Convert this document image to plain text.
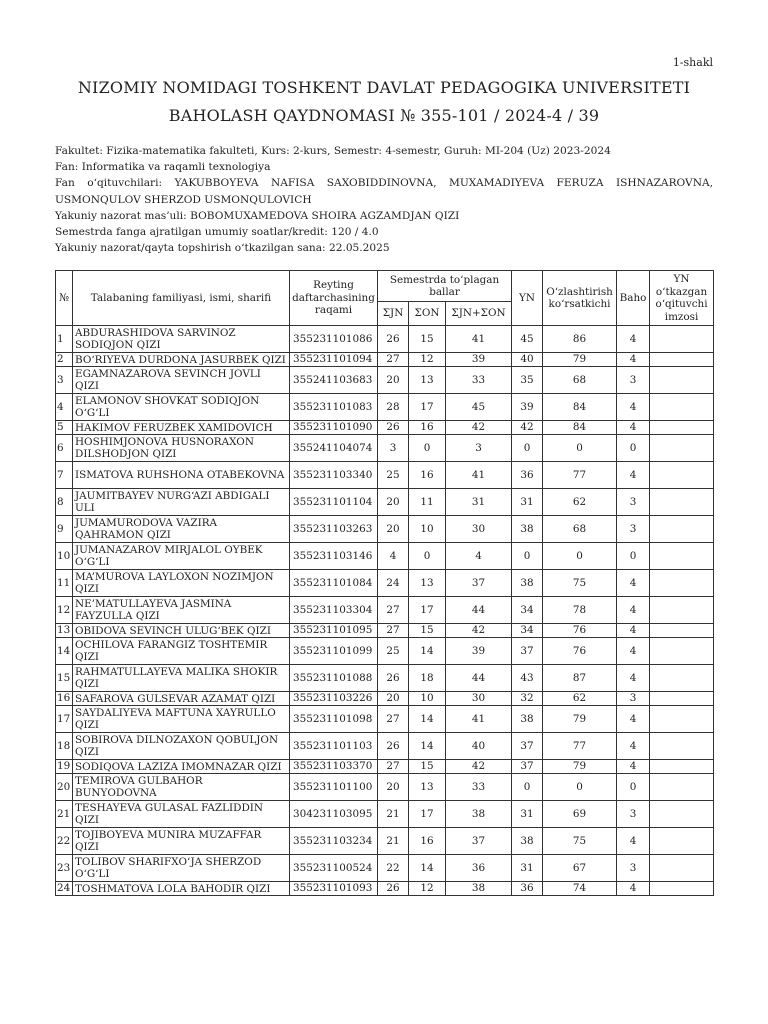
1-shakl
NIZOMIY NOMIDAGI TOSHKENT DAVLAT PEDAGOGIKA UNIVERSITETI
BAHOLASH QAYDNOMASI № 355-101 / 2024-4 / 39
Fakultet: Fizika-matematika fakulteti, Kurs: 2-kurs, Semestr: 4-semestr, Guruh: MI-204 (Uz) 2023-2024
Fan: Informatika va raqamli texnologiya
Fan o‘qituvchilari: YAKUBBOYEVA NAFISA SAXOBIDDINOVNA, MUXAMADIYEVA FERUZA ISHNAZAROVNA, USMONQULOV SHERZOD USMONQULOVICH
Yakuniy nazorat mas’uli: BOBOMUXAMEDOVA SHOIRA AGZAMDJAN QIZI
Semestrda fanga ajratilgan umumiy soatlar/kredit: 120 / 4.0
Yakuniy nazorat/qayta topshirish o‘tkazilgan sana: 22.05.2025
№	Talabaning familiyasi, ismi, sharifi	Reyting daftarchasining raqami	Semestrda to‘plagan ballar			YN	O‘zlashtirish ko‘rsatkichi	Baho	YN o‘tkazgan o‘qituvchi imzosi
			ΣJN	ΣON	ΣJN+ΣON				
1	ABDURASHIDOVA SARVINOZ SODIQJON QIZI	355231101086	26	15	41	45	86	4	
2	BO‘RIYEVA DURDONA JASURBEK QIZI	355231101094	27	12	39	40	79	4	
3	EGAMNAZAROVA SEVINCH JOVLI QIZI	355241103683	20	13	33	35	68	3	
4	ELAMONOV SHOVKAT SODIQJON O‘G‘LI	355231101083	28	17	45	39	84	4	
5	HAKIMOV FERUZBEK XAMIDOVICH	355231101090	26	16	42	42	84	4	
6	HOSHIMJONOVA HUSNORAXON DILSHODJON QIZI	355241104074	3	0	3	0	0	0	
7	ISMATOVA RUHSHONA OTABEKOVNA	355231103340	25	16	41	36	77	4	
8	JAUMITBAYEV NURG‘AZI ABDIGALI ULI	355231101104	20	11	31	31	62	3	
9	JUMAMURODOVA VAZIRA QAHRAMON QIZI	355231103263	20	10	30	38	68	3	
10	JUMANAZAROV MIRJALOL OYBEK O‘G‘LI	355231103146	4	0	4	0	0	0	
11	MA’MUROVA LAYLOXON NOZIMJON QIZI	355231101084	24	13	37	38	75	4	
12	NE’MATULLAYEVA JASMINA FAYZULLA QIZI	355231103304	27	17	44	34	78	4	
13	OBIDOVA SEVINCH ULUG‘BEK QIZI	355231101095	27	15	42	34	76	4	
14	OCHILOVA FARANGIZ TOSHTEMIR QIZI	355231101099	25	14	39	37	76	4	
15	RAHMATULLAYEVA MALIKA SHOKIR QIZI	355231101088	26	18	44	43	87	4	
16	SAFAROVA GULSEVAR AZAMAT QIZI	355231103226	20	10	30	32	62	3	
17	SAYDALIYEVA MAFTUNA XAYRULLO QIZI	355231101098	27	14	41	38	79	4	
18	SOBIROVA DILNOZAXON QOBULJON QIZI	355231101103	26	14	40	37	77	4	
19	SODIQOVA LAZIZA IMOMNAZAR QIZI	355231103370	27	15	42	37	79	4	
20	TEMIROVA GULBAHOR BUNYODOVNA	355231101100	20	13	33	0	0	0	
21	TESHAYEVA GULASAL FAZLIDDIN QIZI	304231103095	21	17	38	31	69	3	
22	TOJIBOYEVA MUNIRA MUZAFFAR QIZI	355231103234	21	16	37	38	75	4	
23	TOLIBOV SHARIFXO‘JA SHERZOD O‘G‘LI	355231100524	22	14	36	31	67	3	
24	TOSHMATOVA LOLA BAHODIR QIZI	355231101093	26	12	38	36	74	4	
